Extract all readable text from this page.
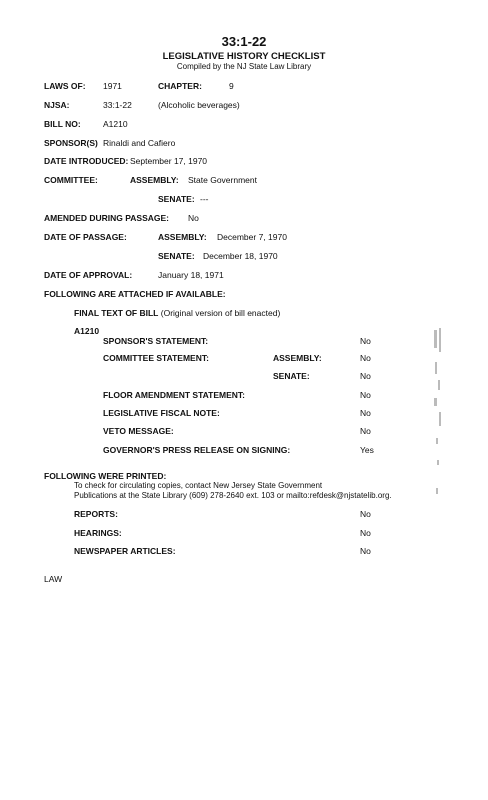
33:1-22
LEGISLATIVE HISTORY CHECKLIST
Compiled by the NJ State Law Library
LAWS OF: 1971	CHAPTER:	9
NJSA:	33:1-22	(Alcoholic beverages)
BILL NO:	A1210
SPONSOR(S) Rinaldi and Cafiero
DATE INTRODUCED: September 17, 1970
COMMITTEE:	ASSEMBLY: State Government
SENATE: ---
AMENDED DURING PASSAGE: No
DATE OF PASSAGE:	ASSEMBLY: December 7, 1970
SENATE: December 18, 1970
DATE OF APPROVAL:	January 18, 1971
FOLLOWING ARE ATTACHED IF AVAILABLE:
FINAL TEXT OF BILL (Original version of bill enacted)
A1210
SPONSOR'S STATEMENT:	No
COMMITTEE STATEMENT:	ASSEMBLY:	No
SENATE:	No
FLOOR AMENDMENT STATEMENT:	No
LEGISLATIVE FISCAL NOTE:	No
VETO MESSAGE:	No
GOVERNOR'S PRESS RELEASE ON SIGNING:	Yes
FOLLOWING WERE PRINTED:
To check for circulating copies, contact New Jersey State Government
Publications at the State Library (609) 278-2640 ext. 103 or mailto:refdesk@njstatelib.org.
REPORTS:	No
HEARINGS:	No
NEWSPAPER ARTICLES:	No
LAW
